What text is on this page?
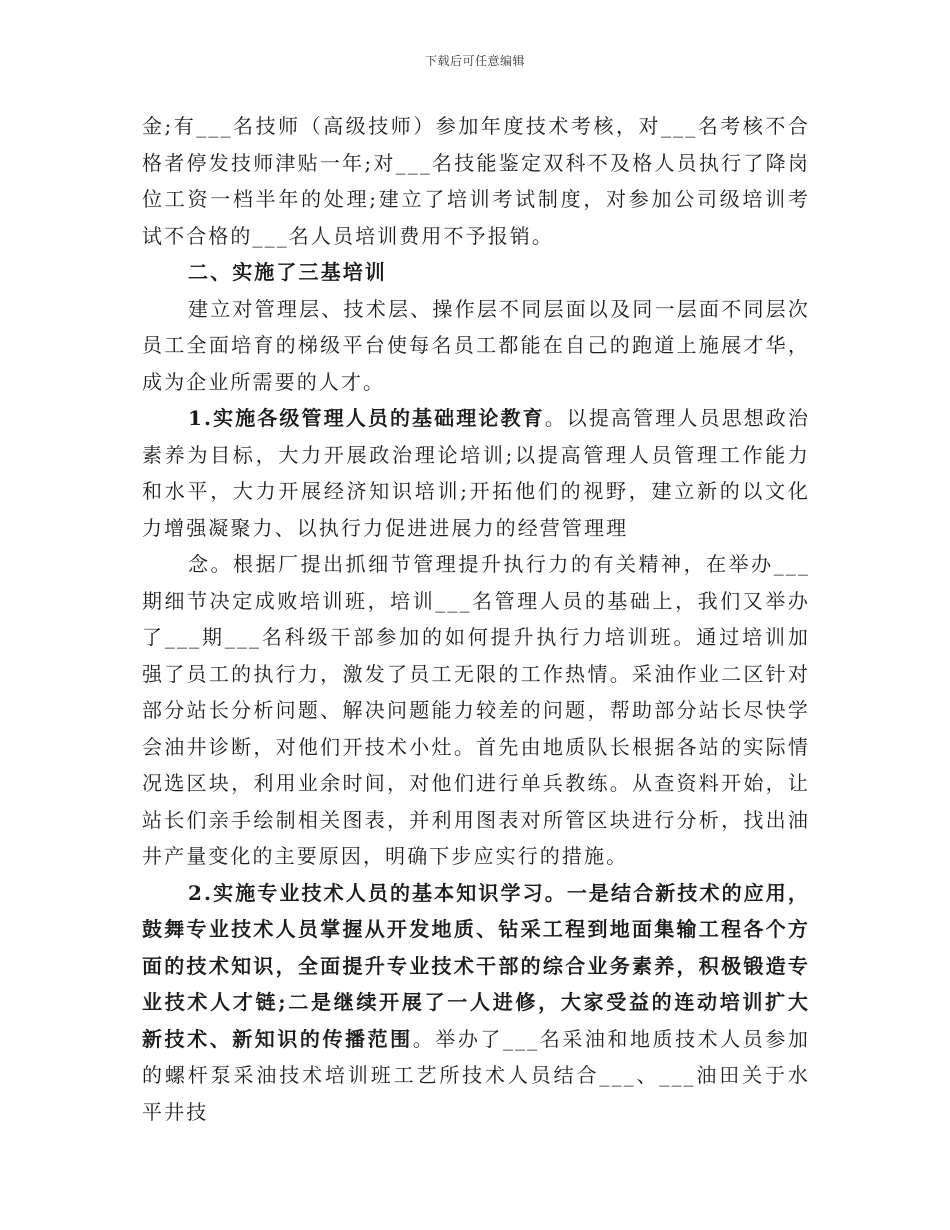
下载后可任意编辑

金;有___名技师（高级技师）参加年度技术考核，对___名考核不合格者停发技师津贴一年;对___名技能鉴定双科不及格人员执行了降岗位工资一档半年的处理;建立了培训考试制度，对参加公司级培训考试不合格的___名人员培训费用不予报销。

二、实施了三基培训

建立对管理层、技术层、操作层不同层面以及同一层面不同层次员工全面培育的梯级平台使每名员工都能在自己的跑道上施展才华，成为企业所需要的人才。

1.实施各级管理人员的基础理论教育。以提高管理人员思想政治素养为目标，大力开展政治理论培训;以提高管理人员管理工作能力和水平，大力开展经济知识培训;开拓他们的视野，建立新的以文化力增强凝聚力、以执行力促进进展力的经营管理理

念。根据厂提出抓细节管理提升执行力的有关精神，在举办___期细节决定成败培训班，培训___名管理人员的基础上，我们又举办了___期___名科级干部参加的如何提升执行力培训班。通过培训加强了员工的执行力，激发了员工无限的工作热情。采油作业二区针对部分站长分析问题、解决问题能力较差的问题，帮助部分站长尽快学会油井诊断，对他们开技术小灶。首先由地质队长根据各站的实际情况选区块，利用业余时间，对他们进行单兵教练。从查资料开始，让站长们亲手绘制相关图表，并利用图表对所管区块进行分析，找出油井产量变化的主要原因，明确下步应实行的措施。

2.实施专业技术人员的基本知识学习。一是结合新技术的应用，鼓舞专业技术人员掌握从开发地质、钻采工程到地面集输工程各个方面的技术知识，全面提升专业技术干部的综合业务素养，积极锻造专业技术人才链;二是继续开展了一人进修，大家受益的连动培训扩大新技术、新知识的传播范围。举办了___名采油和地质技术人员参加的螺杆泵采油技术培训班工艺所技术人员结合___、___油田关于水平井技
